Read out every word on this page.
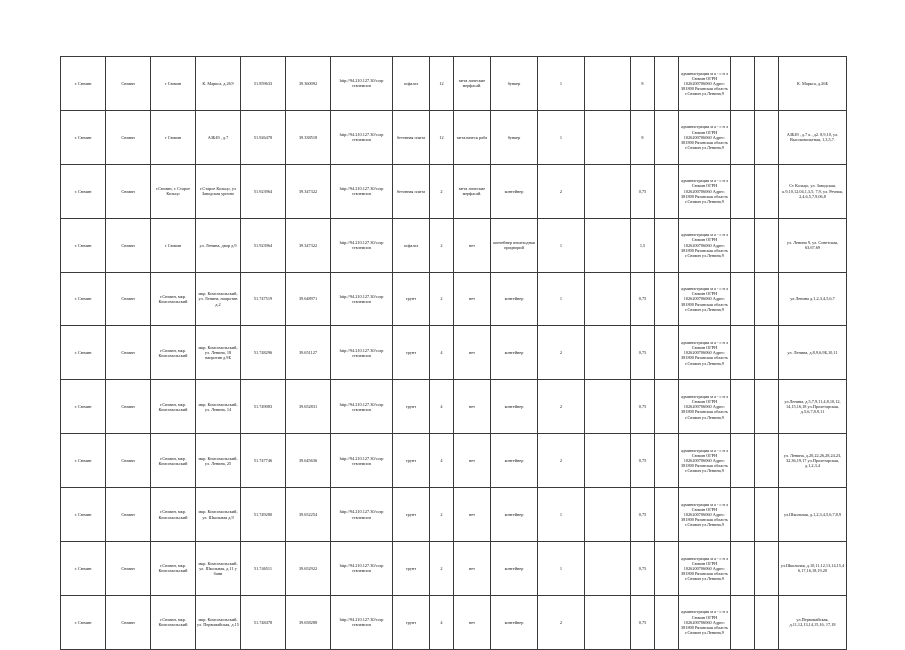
г. Сюмин	Сюмин	г Сюмин	К. Маркса, д.26Э	51.859633	39.360092	http://94.210.127.30/corp ствлемпоп	асфальт	12	мета лические мерфасай.	бункер	1		8		администрация м а - с н л Сюмин ОГРН 1026200706060 Адрес: 381800 Рязанская область г.Сюмин ул.Ленина,9			К. Маркса, д.26Б
г. Сюмин	Сюмин	г Сюмин	АЗБ49 , д.7	51.926478	39.338518	http://94.210.127.30/corp ствлемпоп	бетонная плита	12	металическ раба	бункер	1		8		администрация м а - с н л Сюмин ОГРН 1026200706060 Адрес: 381800 Рязанская область г.Сюмин ул.Ленина,9			АЗБ49 , д.7 к , д2. 8,9,10, ул. Высоковольтная, 1,3,5,7.
г. Сюмин	Сюмин	г.Сюмин, г. Старое Кольцо	г.Старое Кольцо, ул Заводская урочно	51.923964	39.347322	http://94.210.127.30/corp ствлемпоп	бетонная плита	2	мета лические мерфасай.	контейнер	2		0,75		администрация м а - с н л Сюмин ОГРН 1026200706060 Адрес: 381800 Рязанская область г.Сюмин ул.Ленина,9			Ст Кольцо, ул. Заводская, к.9,10,12,04,1,3,5, 7,9, ул. Речная, 2,4,6,5,7,9,06,8
г. Сюмин	Сюмин	г Сюмин	ул. Ленина, двор д.9	51.923964	39.347322	http://94.210.127.30/corp ствлемпоп	асфальт	2	нет	контейнер пешеходная придворий	1		1,5		администрация м а - с н л Сюмин ОГРН 1026200706060 Адрес: 381800 Рязанская область г.Сюмин ул.Ленина,9			ул. Ленина 9, ул. Советская, 63,67,69
г. Сюмин	Сюмин	г.Сюмин, мкр. Комсомольский	мкр. Комсомольский, ул. Ленина, напротив д.2	51.747519	39.648971	http://94.210.127.30/corp ствлемпоп	грунт	2	нет	контейнер	1		0,75		администрация м а - с н л Сюмин ОГРН 1026200706060 Адрес: 381800 Рязанская область г.Сюмин ул.Ленина,9			ул.Ленина д.1,2,3,4,5,6,7
г. Сюмин	Сюмин	г.Сюмин, мкр. Комсомольский	мкр. Комсомольский, ул. Ленина, 18 напротив д.9Б	51.748296	39.651127	http://94.210.127.30/corp ствлемпоп	грунт	4	нет	контейнер	2		0,75		администрация м а - с н л Сюмин ОГРН 1026200706060 Адрес: 381800 Рязанская область г.Сюмин ул.Ленина,9			ул. Ленина, д.8,9,6,9Б,10,11
г. Сюмин	Сюмин	г.Сюмин, мкр. Комсомольский	мкр. Комсомольский, ул. Ленина, 14	51.749083	39.652831	http://94.210.127.30/corp ствлемпоп	грунт	4	нет	контейнер	2		0,75		администрация м а - с н л Сюмин ОГРН 1026200706060 Адрес: 381800 Рязанская область г.Сюмин ул.Ленина,9			ул.Ленина, д.5,7,9,11,4,8,10,12, 14,15,16,18 ул.Пролетарская, д.5,6,7,8,9,11
г. Сюмин	Сюмин	г.Сюмин, мкр. Комсомольский	мкр. Комсомольский, ул. Ленина, 25	51.747746	39.645636	http://94.210.127.30/corp ствлемпоп	грунт	4	нет	контейнер	2		0,75		администрация м а - с н л Сюмин ОГРН 1026200706060 Адрес: 381800 Рязанская область г.Сюмин ул.Ленина,9			ул. Ленина, д.20,22,26,28,24,23, 32,36,19,17 ул.Пролетарская, д.1,2,3,4
г. Сюмин	Сюмин	г.Сюмин, мкр. Комсомольский	мкр. Комсомольский, ул. Школьная д.9	51.749280	39.652254	http://94.210.127.30/corp ствлемпоп	грунт	2	нет	контейнер	1		0,75		администрация м а - с н л Сюмин ОГРН 1026200706060 Адрес: 381800 Рязанская область г.Сюмин ул.Ленина,9			ул.Школьная, д.1,2,3,4,5,6,7,8,9
г. Сюмин	Сюмин	г.Сюмин, мкр. Комсомольский	мкр. Комсомольский, ул. Школьная, д.11 у бани	51.746511	39.652922	http://94.210.127.30/corp ствлемпоп	грунт	2	нет	контейнер	1		0,75		администрация м а - с н л Сюмин ОГРН 1026200706060 Адрес: 381800 Рязанская область г.Сюмин ул.Ленина,9			ул.Школьная, д.10,11,12,13,14,15,4 6,17,16,18,19,20
г. Сюмин	Сюмин	г.Сюмин, мкр. Комсомольский	мкр. Комсомольский, ул. Первомайская, д.15	51.748478	39.658288	http://94.210.127.30/corp ствлемпоп	грунт	4	нет	контейнер	2		0,75		администрация м а - с н л Сюмин ОГРН 1026200706060 Адрес: 381800 Рязанская область г.Сюмин ул.Ленина,9			ул.Первомайская, д.11,12,13,14,15,16, 17,18
